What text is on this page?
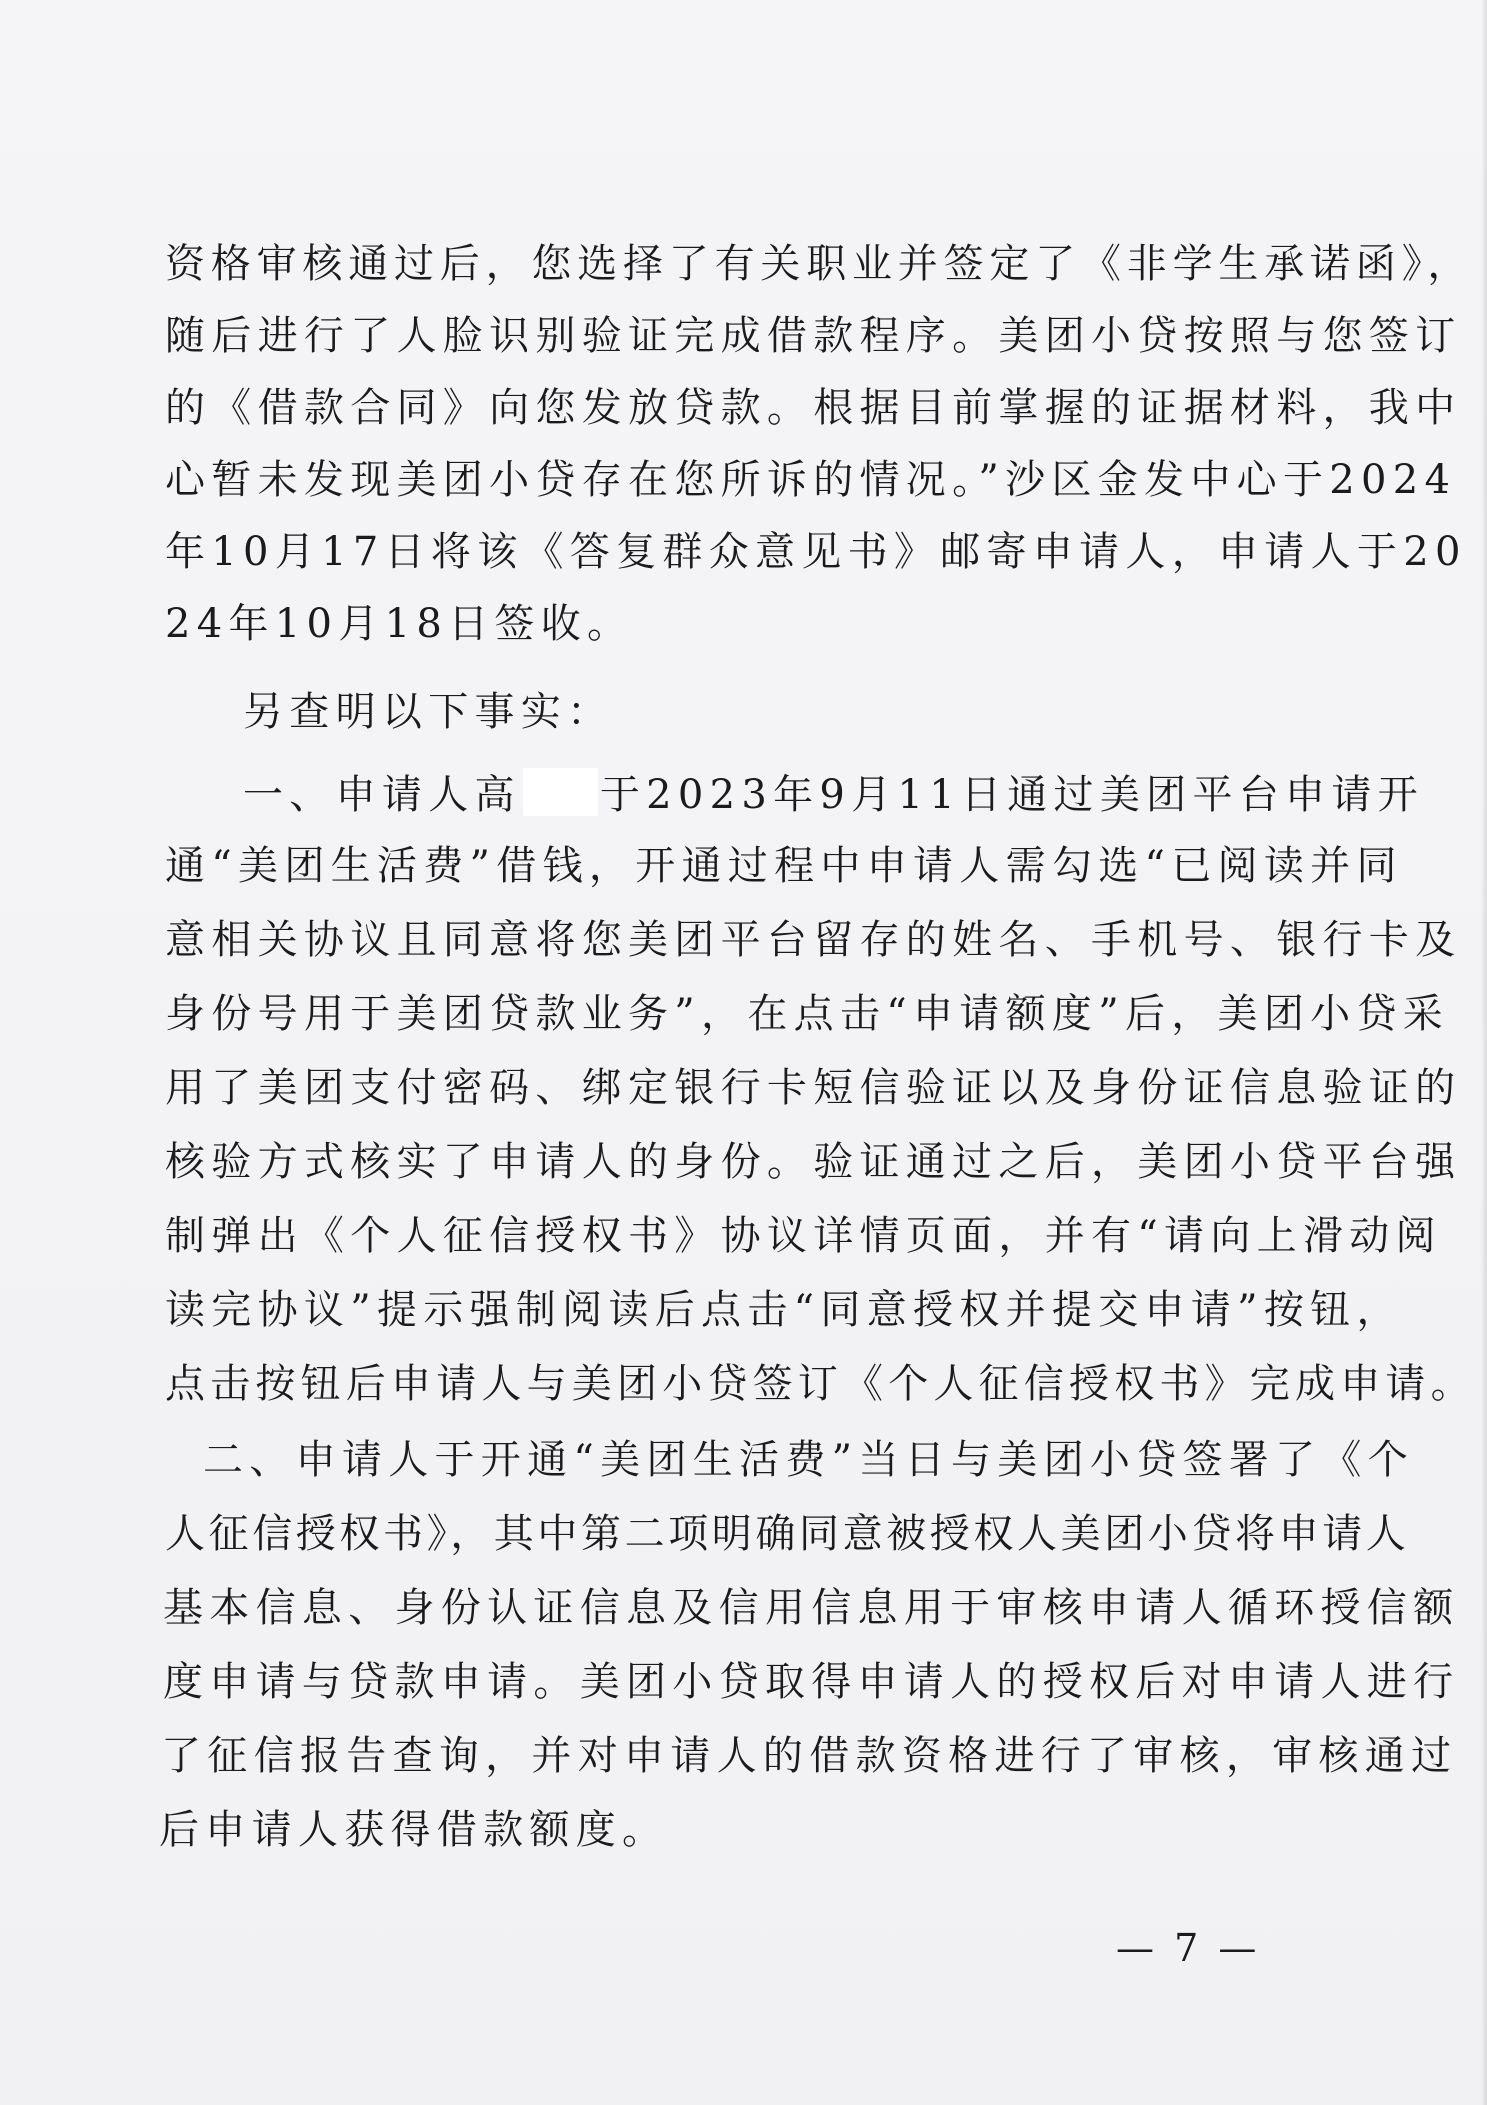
资格审核通过后，您选择了有关职业并签定了《非学生承诺函》，
随后进行了人脸识别验证完成借款程序。美团小贷按照与您签订
的《借款合同》向您发放贷款。根据目前掌握的证据材料，我中
心暂未发现美团小贷存在您所诉的情况。”沙区金发中心于2024
年10月17日将该《答复群众意见书》邮寄申请人，申请人于20
24年10月18日签收。
另查明以下事实：
一、申请人高 于2023年9月11日通过美团平台申请开
通“美团生活费”借钱，开通过程中申请人需勾选“已阅读并同
意相关协议且同意将您美团平台留存的姓名、手机号、银行卡及
身份号用于美团贷款业务”，在点击“申请额度”后，美团小贷采
用了美团支付密码、绑定银行卡短信验证以及身份证信息验证的
核验方式核实了申请人的身份。验证通过之后，美团小贷平台强
制弹出《个人征信授权书》协议详情页面，并有“请向上滑动阅
读完协议”提示强制阅读后点击“同意授权并提交申请”按钮，
点击按钮后申请人与美团小贷签订《个人征信授权书》完成申请。
二、申请人于开通“美团生活费”当日与美团小贷签署了《个
人征信授权书》，其中第二项明确同意被授权人美团小贷将申请人
基本信息、身份认证信息及信用信息用于审核申请人循环授信额
度申请与贷款申请。美团小贷取得申请人的授权后对申请人进行
了征信报告查询，并对申请人的借款资格进行了审核，审核通过
后申请人获得借款额度。
— 7 —
